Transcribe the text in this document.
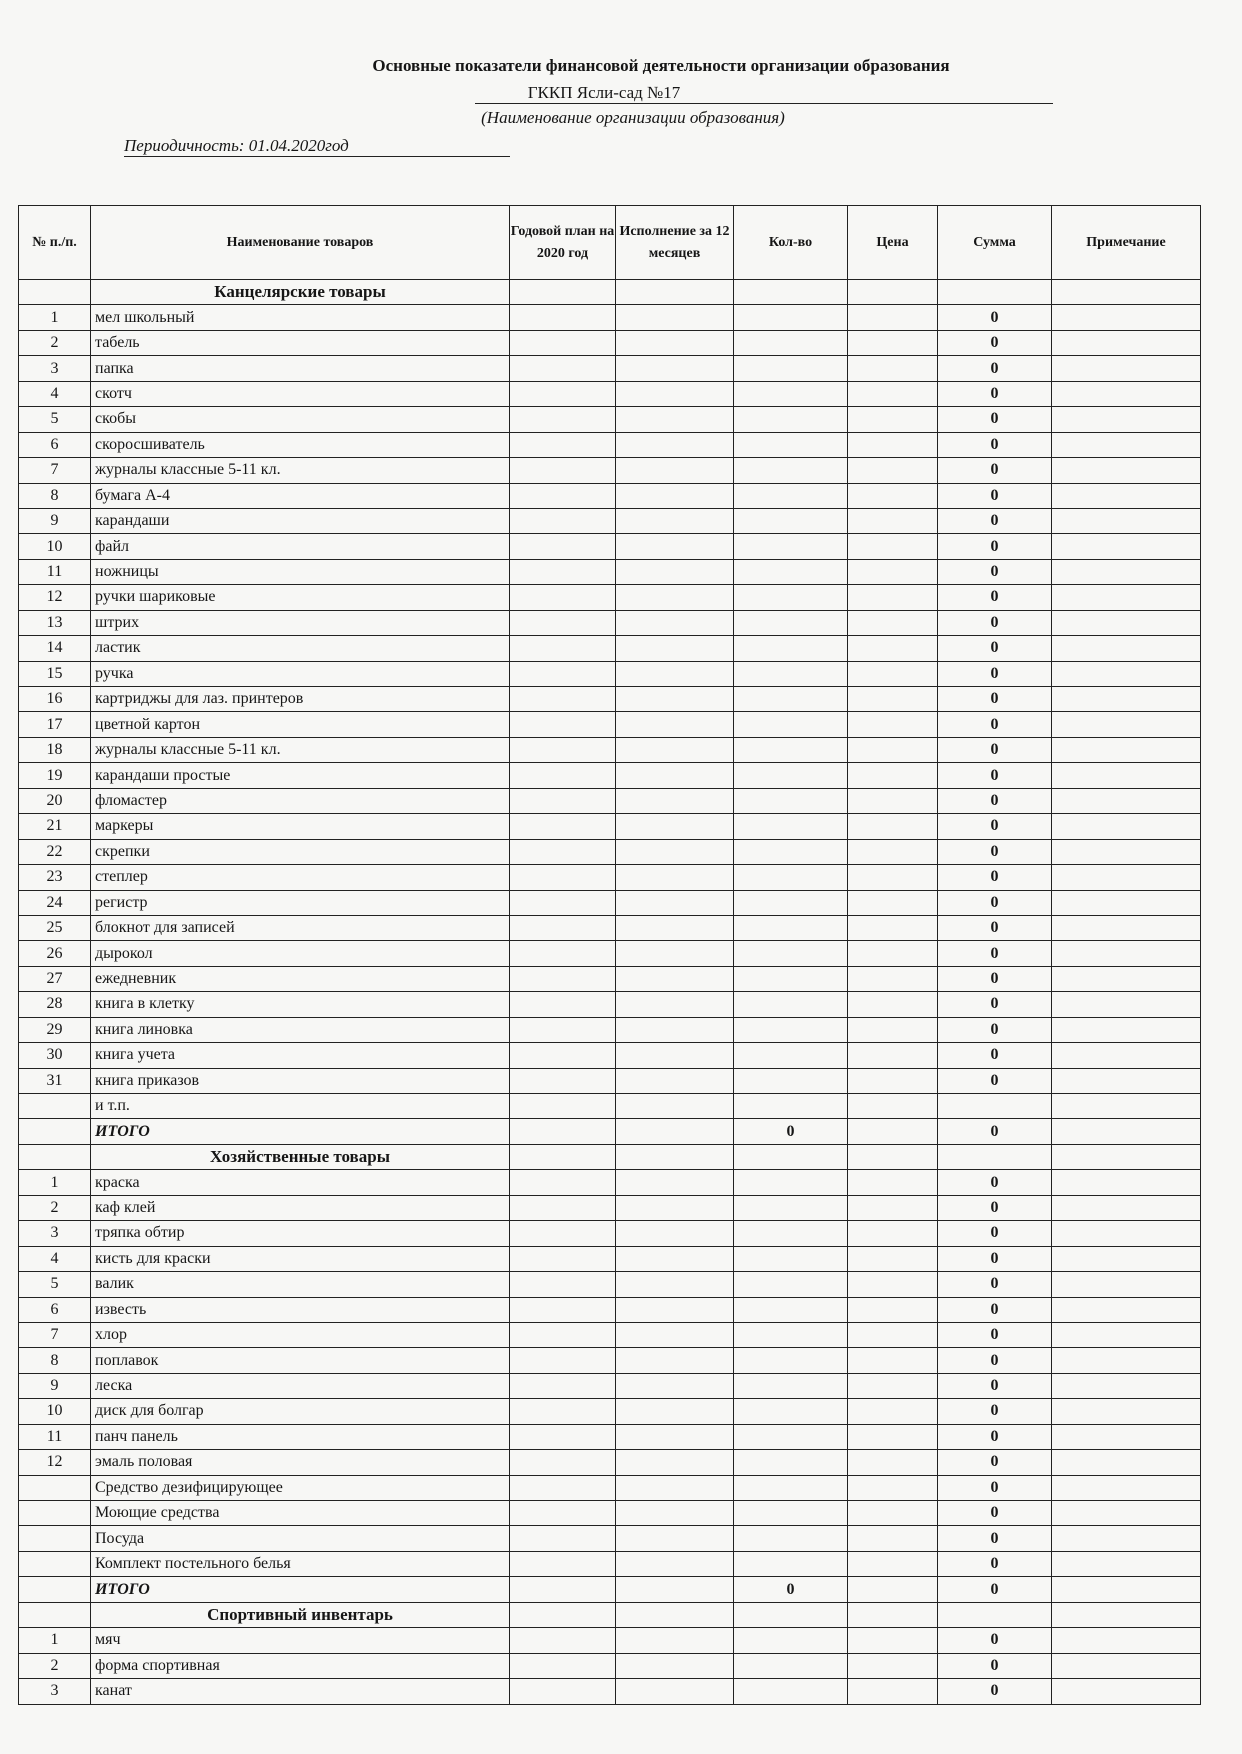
Основные показатели финансовой деятельности организации образования
ГККП Ясли-сад №17
(Наименование организации образования)
Периодичность: 01.04.2020год
№ п./п.	Наименование товаров	Годовой план на 2020 год	Исполнение за 12 месяцев	Кол-во	Цена	Сумма	Примечание
	Канцелярские товары						
1	мел школьный					0	
2	табель					0	
3	папка					0	
4	скотч					0	
5	скобы					0	
6	скоросшиватель					0	
7	журналы классные 5-11 кл.					0	
8	бумага А-4					0	
9	карандаши					0	
10	файл					0	
11	ножницы					0	
12	ручки шариковые					0	
13	штрих					0	
14	ластик					0	
15	ручка					0	
16	картриджы для лаз. принтеров					0	
17	цветной картон					0	
18	журналы классные 5-11 кл.					0	
19	карандаши простые					0	
20	фломастер					0	
21	маркеры					0	
22	скрепки					0	
23	степлер					0	
24	регистр					0	
25	блокнот для записей					0	
26	дырокол					0	
27	ежедневник					0	
28	книга в клетку					0	
29	книга линовка					0	
30	книга учета					0	
31	книга приказов					0	
	и т.п.						
	ИТОГО			0		0	
	Хозяйственные товары						
1	краска					0	
2	каф клей					0	
3	тряпка обтир					0	
4	кисть для краски					0	
5	валик					0	
6	известь					0	
7	хлор					0	
8	поплавок					0	
9	леска					0	
10	диск для болгар					0	
11	панч панель					0	
12	эмаль половая					0	
	Средство дезифицирующее					0	
	Моющие средства					0	
	Посуда					0	
	Комплект постельного белья					0	
	ИТОГО			0		0	
	Спортивный инвентарь						
1	мяч					0	
2	форма спортивная					0	
3	канат					0	
